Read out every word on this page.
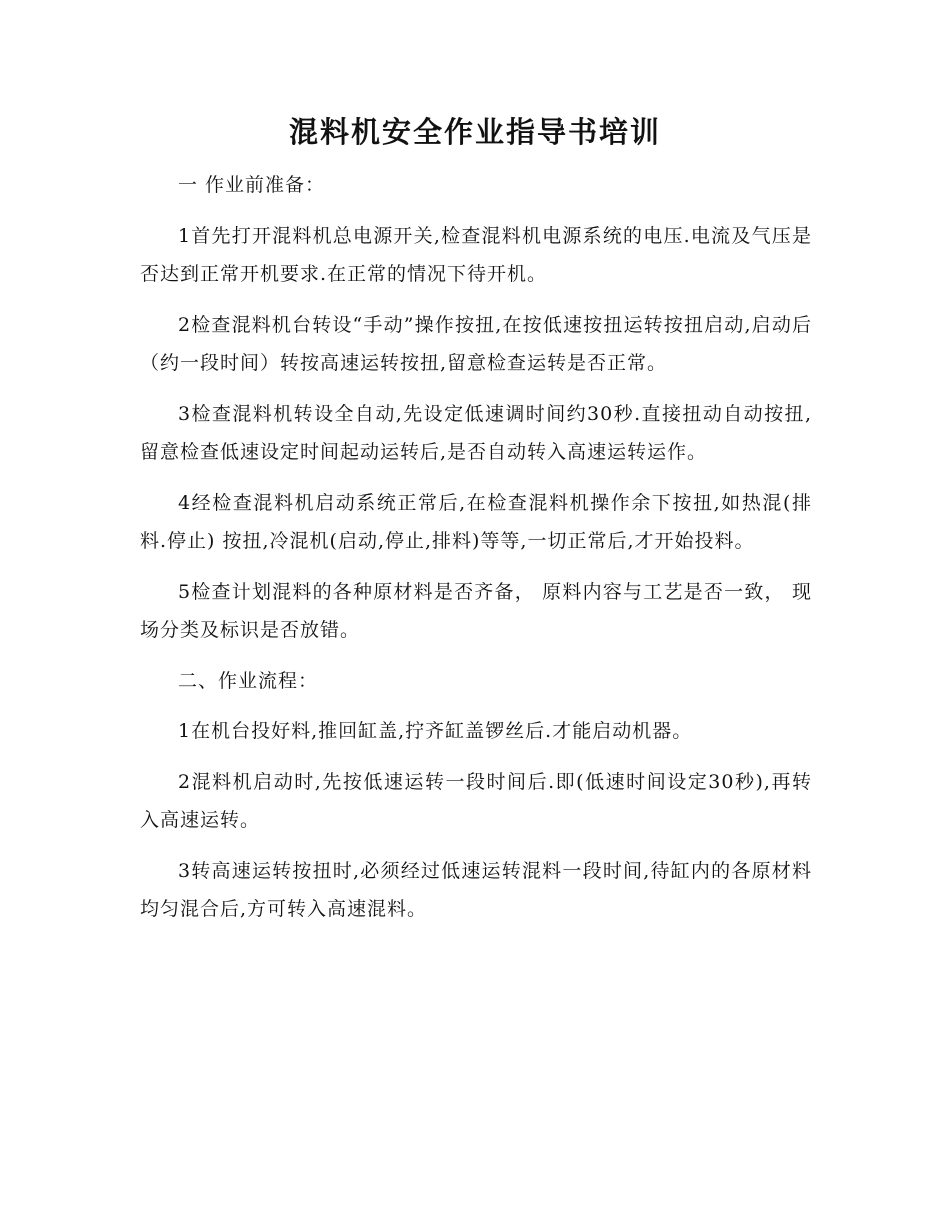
混料机安全作业指导书培训

一 作业前准备：

1首先打开混料机总电源开关,检查混料机电源系统的电压.电流及气压是否达到正常开机要求.在正常的情况下待开机。

2检查混料机台转设“手动”操作按扭,在按低速按扭运转按扭启动,启动后（约一段时间）转按高速运转按扭,留意检查运转是否正常。

3检查混料机转设全自动,先设定低速调时间约30秒.直接扭动自动按扭,留意检查低速设定时间起动运转后,是否自动转入高速运转运作。

4经检查混料机启动系统正常后,在检查混料机操作余下按扭,如热混(排料.停止) 按扭,冷混机(启动,停止,排料)等等,一切正常后,才开始投料。

5检查计划混料的各种原材料是否齐备， 原料内容与工艺是否一致， 现场分类及标识是否放错。

二、作业流程：

1在机台投好料,推回缸盖,拧齐缸盖锣丝后.才能启动机器。

2混料机启动时,先按低速运转一段时间后.即(低速时间设定30秒),再转入高速运转。

3转高速运转按扭时,必须经过低速运转混料一段时间,待缸内的各原材料均匀混合后,方可转入高速混料。
